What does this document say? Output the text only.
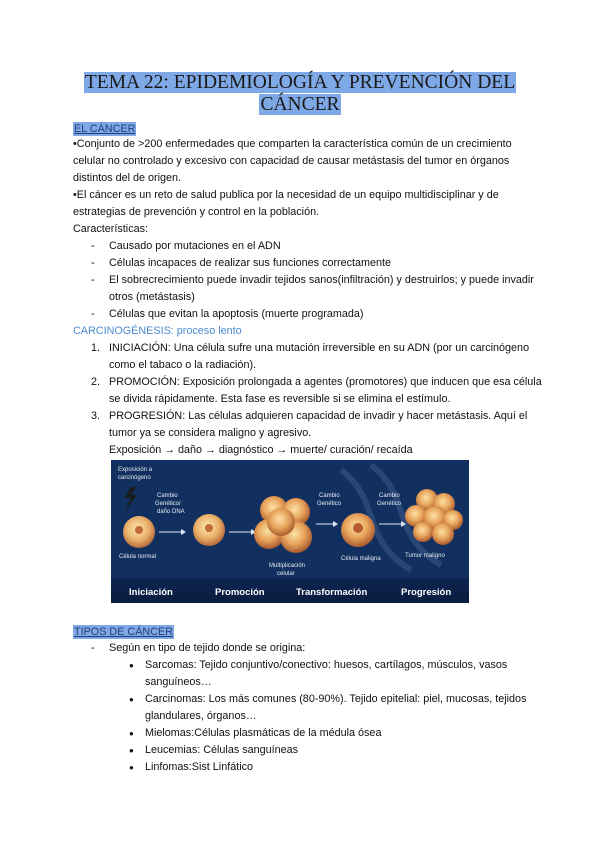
TEMA 22: EPIDEMIOLOGÍA Y PREVENCIÓN DEL
CÁNCER
EL CÁNCER

•Conjunto de >200 enfermedades que comparten la característica común de un crecimiento celular no controlado y excesivo con capacidad de causar metástasis del tumor en órganos distintos del de origen.

•El cáncer es un reto de salud publica por la necesidad de un equipo multidisciplinar y de estrategias de prevención y control en la población.

Características:

-	Causado por mutaciones en el ADN
-	Células incapaces de realizar sus funciones correctamente
-	El sobrecrecimiento puede invadir tejidos sanos(infiltración) y destruirlos; y puede invadir otros (metástasis)
-	Células que evitan la apoptosis (muerte programada)
CARCINOGÉNESIS: proceso lento
1. INICIACIÓN: Una célula sufre una mutación irreversible en su ADN (por un carcinógeno como el tabaco o la radiación).
2. PROMOCIÓN: Exposición prolongada a agentes (promotores) que inducen que esa célula se divida rápidamente. Esta fase es reversible si se elimina el estímulo.
3. PROGRESIÓN: Las células adquieren capacidad de invadir y hacer metástasis. Aquí el tumor ya se considera maligno y agresivo.
Exposición → daño → diagnóstico → muerte/ curación/ recaída
Exposición a
carcinógeno
Cambio
Genético/
daño DNA
Célula normal
Multiplicación
celular
Cambio
Genético
Cambio
Genético
Célula maligna	Tumor maligno
Iniciación	Promoción	Transformación	Progresión
TIPOS DE CÁNCER
-	Según en tipo de tejido donde se origina:
●	Sarcomas: Tejido conjuntivo/conectivo: huesos, cartílagos, músculos, vasos sanguíneos…
●	Carcinomas: Los más comunes (80-90%). Tejido epitelial: piel, mucosas, tejidos glandulares, órganos…
●	Mielomas:Células plasmáticas de la médula ósea
●	Leucemias: Células sanguíneas
●	Linfomas:Sist Linfático
